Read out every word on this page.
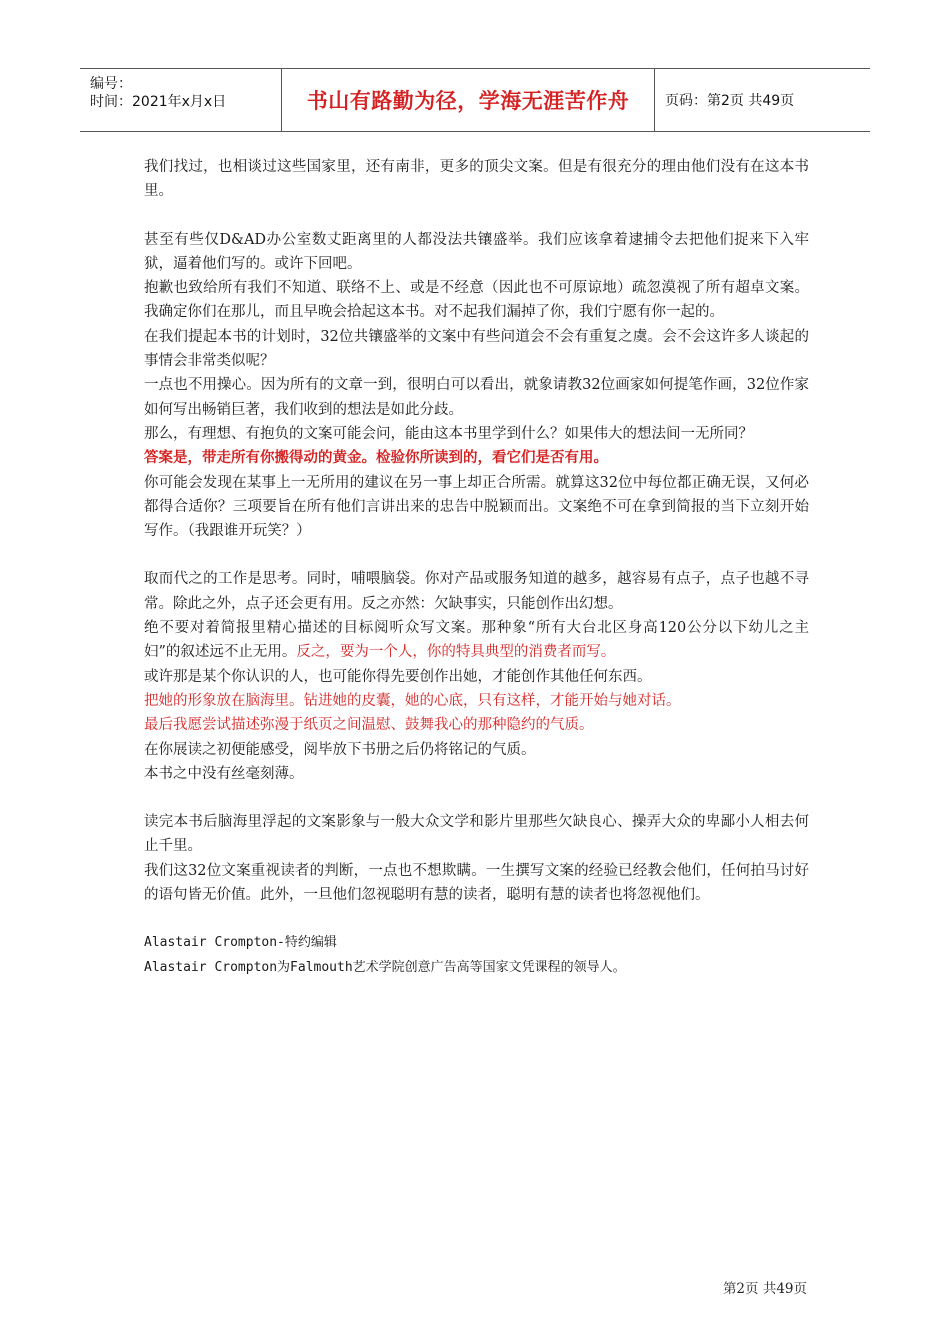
编号：
时间：2021年x月x日	书山有路勤为径，学海无涯苦作舟	页码：第2页 共49页

我们找过，也相谈过这些国家里，还有南非，更多的顶尖文案。但是有很充分的理由他们没有在这本书里。

甚至有些仅D&AD办公室数丈距离里的人都没法共镶盛举。我们应该拿着逮捕令去把他们捉来下入牢狱，逼着他们写的。或许下回吧。

抱歉也致给所有我们不知道、联络不上、或是不经意（因此也不可原谅地）疏忽漠视了所有超卓文案。我确定你们在那儿，而且早晚会拾起这本书。对不起我们漏掉了你，我们宁愿有你一起的。

在我们提起本书的计划时，32位共镶盛举的文案中有些问道会不会有重复之虞。会不会这许多人谈起的事情会非常类似呢？

一点也不用操心。因为所有的文章一到，很明白可以看出，就象请教32位画家如何提笔作画，32位作家如何写出畅销巨著，我们收到的想法是如此分歧。

那么，有理想、有抱负的文案可能会问，能由这本书里学到什么？如果伟大的想法间一无所同？

答案是，带走所有你搬得动的黄金。检验你所读到的，看它们是否有用。

你可能会发现在某事上一无所用的建议在另一事上却正合所需。就算这32位中每位都正确无误，又何必都得合适你？三项要旨在所有他们言讲出来的忠告中脱颖而出。文案绝不可在拿到简报的当下立刻开始写作。（我跟谁开玩笑？）

取而代之的工作是思考。同时，哺喂脑袋。你对产品或服务知道的越多，越容易有点子，点子也越不寻常。除此之外，点子还会更有用。反之亦然：欠缺事实，只能创作出幻想。

绝不要对着简报里精心描述的目标阅听众写文案。那种象“所有大台北区身高120公分以下幼儿之主妇”的叙述远不止无用。反之，要为一个人，你的特具典型的消费者而写。

或许那是某个你认识的人，也可能你得先要创作出她，才能创作其他任何东西。

把她的形象放在脑海里。钻进她的皮囊，她的心底，只有这样，才能开始与她对话。

最后我愿尝试描述弥漫于纸页之间温慰、鼓舞我心的那种隐约的气质。

在你展读之初便能感受，阅毕放下书册之后仍将铭记的气质。

本书之中没有丝毫刻薄。

读完本书后脑海里浮起的文案影象与一般大众文学和影片里那些欠缺良心、操弄大众的卑鄙小人相去何止千里。

我们这32位文案重视读者的判断，一点也不想欺瞒。一生撰写文案的经验已经教会他们，任何拍马讨好的语句皆无价值。此外，一旦他们忽视聪明有慧的读者，聪明有慧的读者也将忽视他们。

Alastair Crompton-特约编辑

Alastair Crompton为Falmouth艺术学院创意广告高等国家文凭课程的领导人。

第2页 共49页
